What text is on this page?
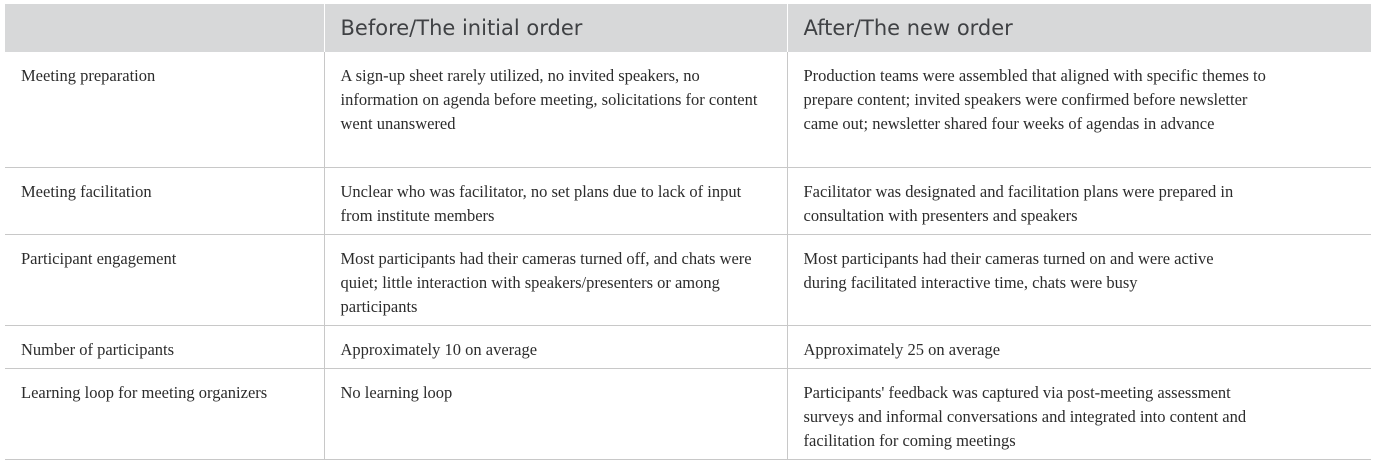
	Before/The initial order	After/The new order
Meeting preparation	A sign-up sheet rarely utilized, no invited speakers, no information on agenda before meeting, solicitations for content went unanswered	Production teams were assembled that aligned with specific themes to prepare content; invited speakers were confirmed before newsletter came out; newsletter shared four weeks of agendas in advance

Meeting facilitation	Unclear who was facilitator, no set plans due to lack of input from institute members	Facilitator was designated and facilitation plans were prepared in consultation with presenters and speakers

Participant engagement	Most participants had their cameras turned off, and chats were quiet; little interaction with speakers/presenters or among participants	Most participants had their cameras turned on and were active during facilitated interactive time, chats were busy

Number of participants	Approximately 10 on average	Approximately 25 on average

Learning loop for meeting organizers	No learning loop	Participants' feedback was captured via post-meeting assessment surveys and informal conversations and integrated into content and facilitation for coming meetings
